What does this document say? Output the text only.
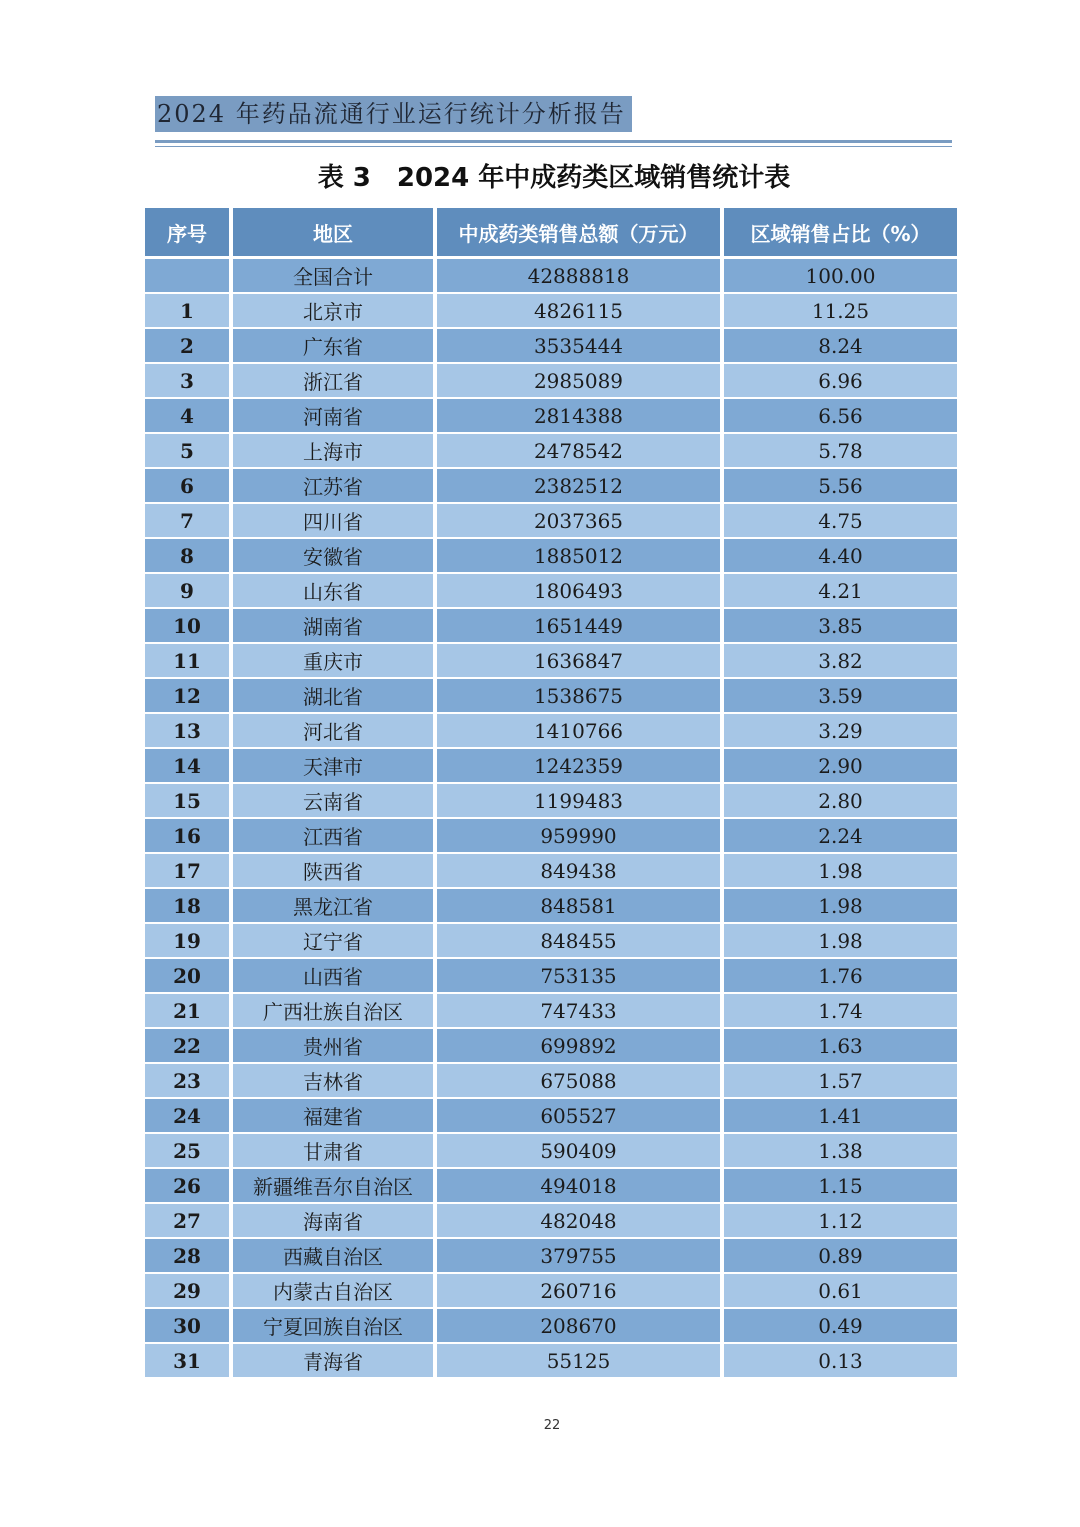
2024 年药品流通行业运行统计分析报告
表 3　2024 年中成药类区域销售统计表
序号	地区	中成药类销售总额（万元）	区域销售占比（%）
	全国合计	42888818	100.00
1	北京市	4826115	11.25
2	广东省	3535444	8.24
3	浙江省	2985089	6.96
4	河南省	2814388	6.56
5	上海市	2478542	5.78
6	江苏省	2382512	5.56
7	四川省	2037365	4.75
8	安徽省	1885012	4.40
9	山东省	1806493	4.21
10	湖南省	1651449	3.85
11	重庆市	1636847	3.82
12	湖北省	1538675	3.59
13	河北省	1410766	3.29
14	天津市	1242359	2.90
15	云南省	1199483	2.80
16	江西省	959990	2.24
17	陕西省	849438	1.98
18	黑龙江省	848581	1.98
19	辽宁省	848455	1.98
20	山西省	753135	1.76
21	广西壮族自治区	747433	1.74
22	贵州省	699892	1.63
23	吉林省	675088	1.57
24	福建省	605527	1.41
25	甘肃省	590409	1.38
26	新疆维吾尔自治区	494018	1.15
27	海南省	482048	1.12
28	西藏自治区	379755	0.89
29	内蒙古自治区	260716	0.61
30	宁夏回族自治区	208670	0.49
31	青海省	55125	0.13
22
